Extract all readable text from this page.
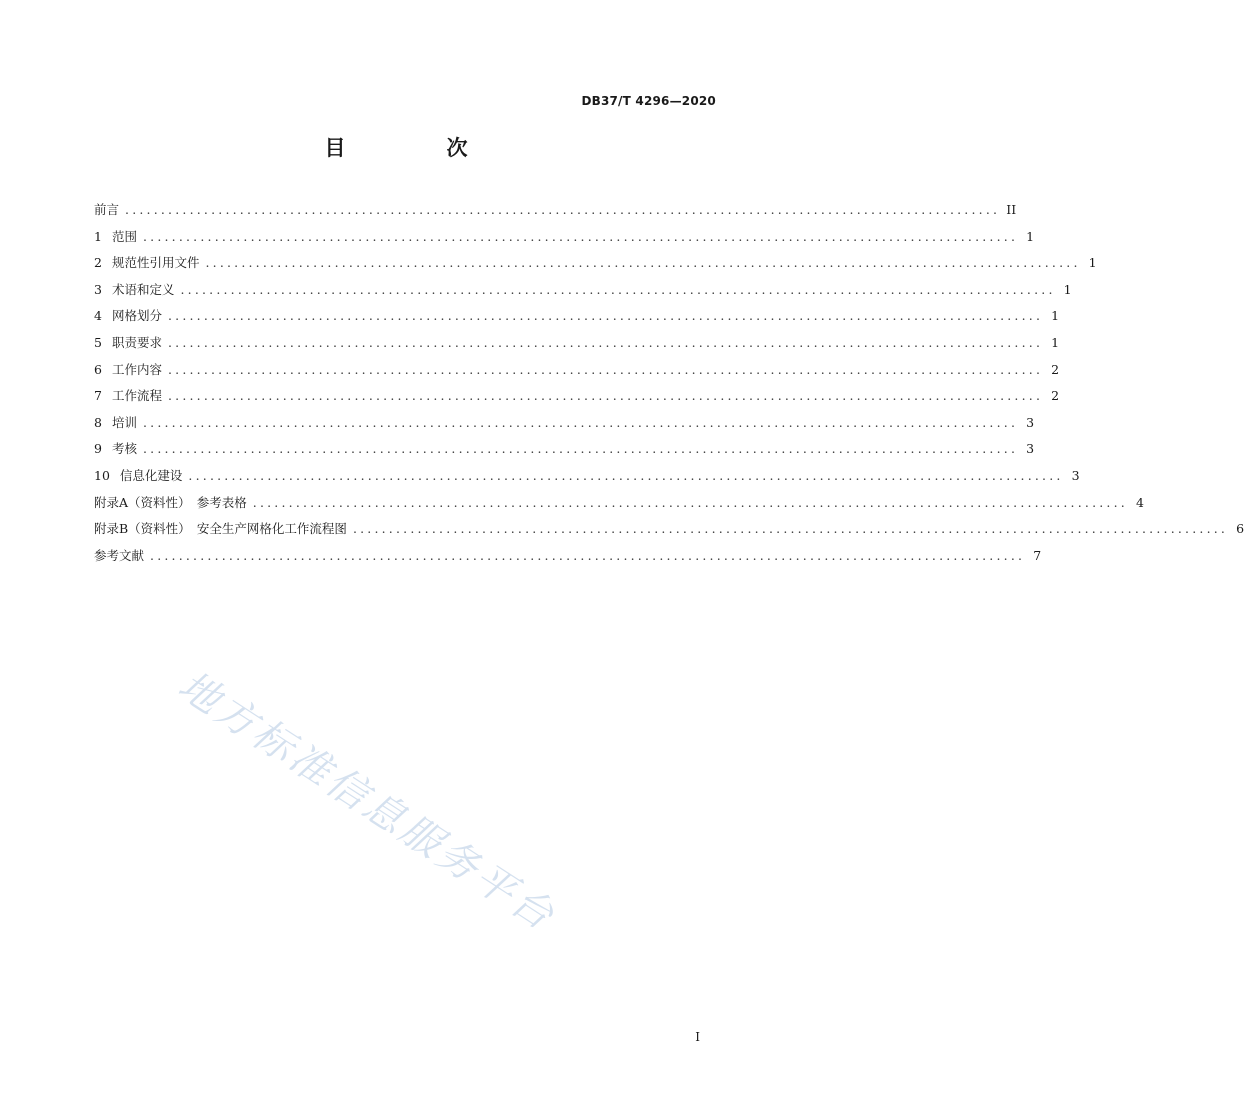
DB37/T 4296—2020
目　次
前言 .......................................................................................................................... II
1 范围 .......................................................................................................................... 1
2 规范性引用文件 .......................................................................................................................... 1
3 术语和定义 .......................................................................................................................... 1
4 网格划分 .......................................................................................................................... 1
5 职责要求 .......................................................................................................................... 1
6 工作内容 .......................................................................................................................... 2
7 工作流程 .......................................................................................................................... 2
8 培训 .......................................................................................................................... 3
9 考核 .......................................................................................................................... 3
10 信息化建设 .......................................................................................................................... 3
附录A（资料性）　参考表格 .......................................................................................................................... 4
附录B（资料性）　安全生产网格化工作流程图 .......................................................................................................................... 6
参考文献 .......................................................................................................................... 7
地方标准信息服务平台
I
